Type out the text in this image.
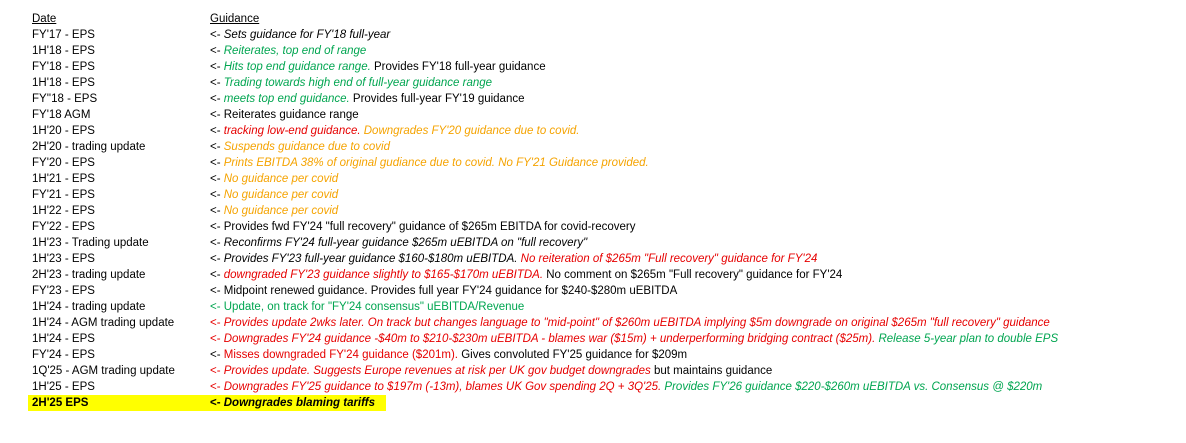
Date	Guidance
FY'17 - EPS	<- Sets guidance for FY'18 full-year
1H'18 - EPS	<- Reiterates, top end of range
FY'18 - EPS	<- Hits top end guidance range. Provides FY'18 full-year guidance
1H'18 - EPS	<- Trading towards high end of full-year guidance range
FY''18 - EPS	<- meets top end guidance. Provides full-year FY'19 guidance
FY'18 AGM	<- Reiterates guidance range
1H'20 - EPS	<- tracking low-end guidance. Downgrades FY'20 guidance due to covid.
2H'20 - trading update	<- Suspends guidance due to covid
FY'20 - EPS	<- Prints EBITDA 38% of original gudiance due to covid. No FY'21 Guidance provided.
1H'21 - EPS	<- No guidance per covid
FY'21 - EPS	<- No guidance per covid
1H'22 - EPS	<- No guidance per covid
FY'22 - EPS	<- Provides fwd FY'24 "full recovery" guidance of $265m EBITDA for covid-recovery
1H'23 - Trading update	<- Reconfirms FY'24 full-year guidance $265m uEBITDA on "full recovery"
1H'23 - EPS	<- Provides FY'23 full-year guidance $160-$180m uEBITDA. No reiteration of $265m "Full recovery" guidance for FY'24
2H'23 - trading update	<- downgraded FY'23 guidance slightly to $165-$170m uEBITDA. No comment on $265m "Full recovery" guidance for FY'24
FY'23 - EPS	<- Midpoint renewed guidance. Provides full year FY'24 guidance for $240-$280m uEBITDA
1H'24 - trading update	<- Update, on track for "FY'24 consensus" uEBITDA/Revenue
1H'24 - AGM trading update	<- Provides update 2wks later. On track but changes language to "mid-point" of $260m uEBITDA implying $5m downgrade on original $265m "full recovery" guidance
1H'24 - EPS	<- Downgrades FY'24 guidance -$40m to $210-$230m uEBITDA - blames war ($15m) + underperforming bridging contract ($25m). Release 5-year plan to double EPS
FY'24 - EPS	<- Misses downgraded FY'24 guidance ($201m). Gives convoluted FY'25 guidance for $209m
1Q'25 - AGM trading update	<- Provides update. Suggests Europe revenues at risk per UK gov budget downgrades but maintains guidance
1H'25 - EPS	<- Downgrades FY'25 guidance to $197m (-13m), blames UK Gov spending 2Q + 3Q'25. Provides FY'26 guidance $220-$260m uEBITDA vs. Consensus @ $220m
2H'25 EPS	<- Downgrades blaming tariffs
